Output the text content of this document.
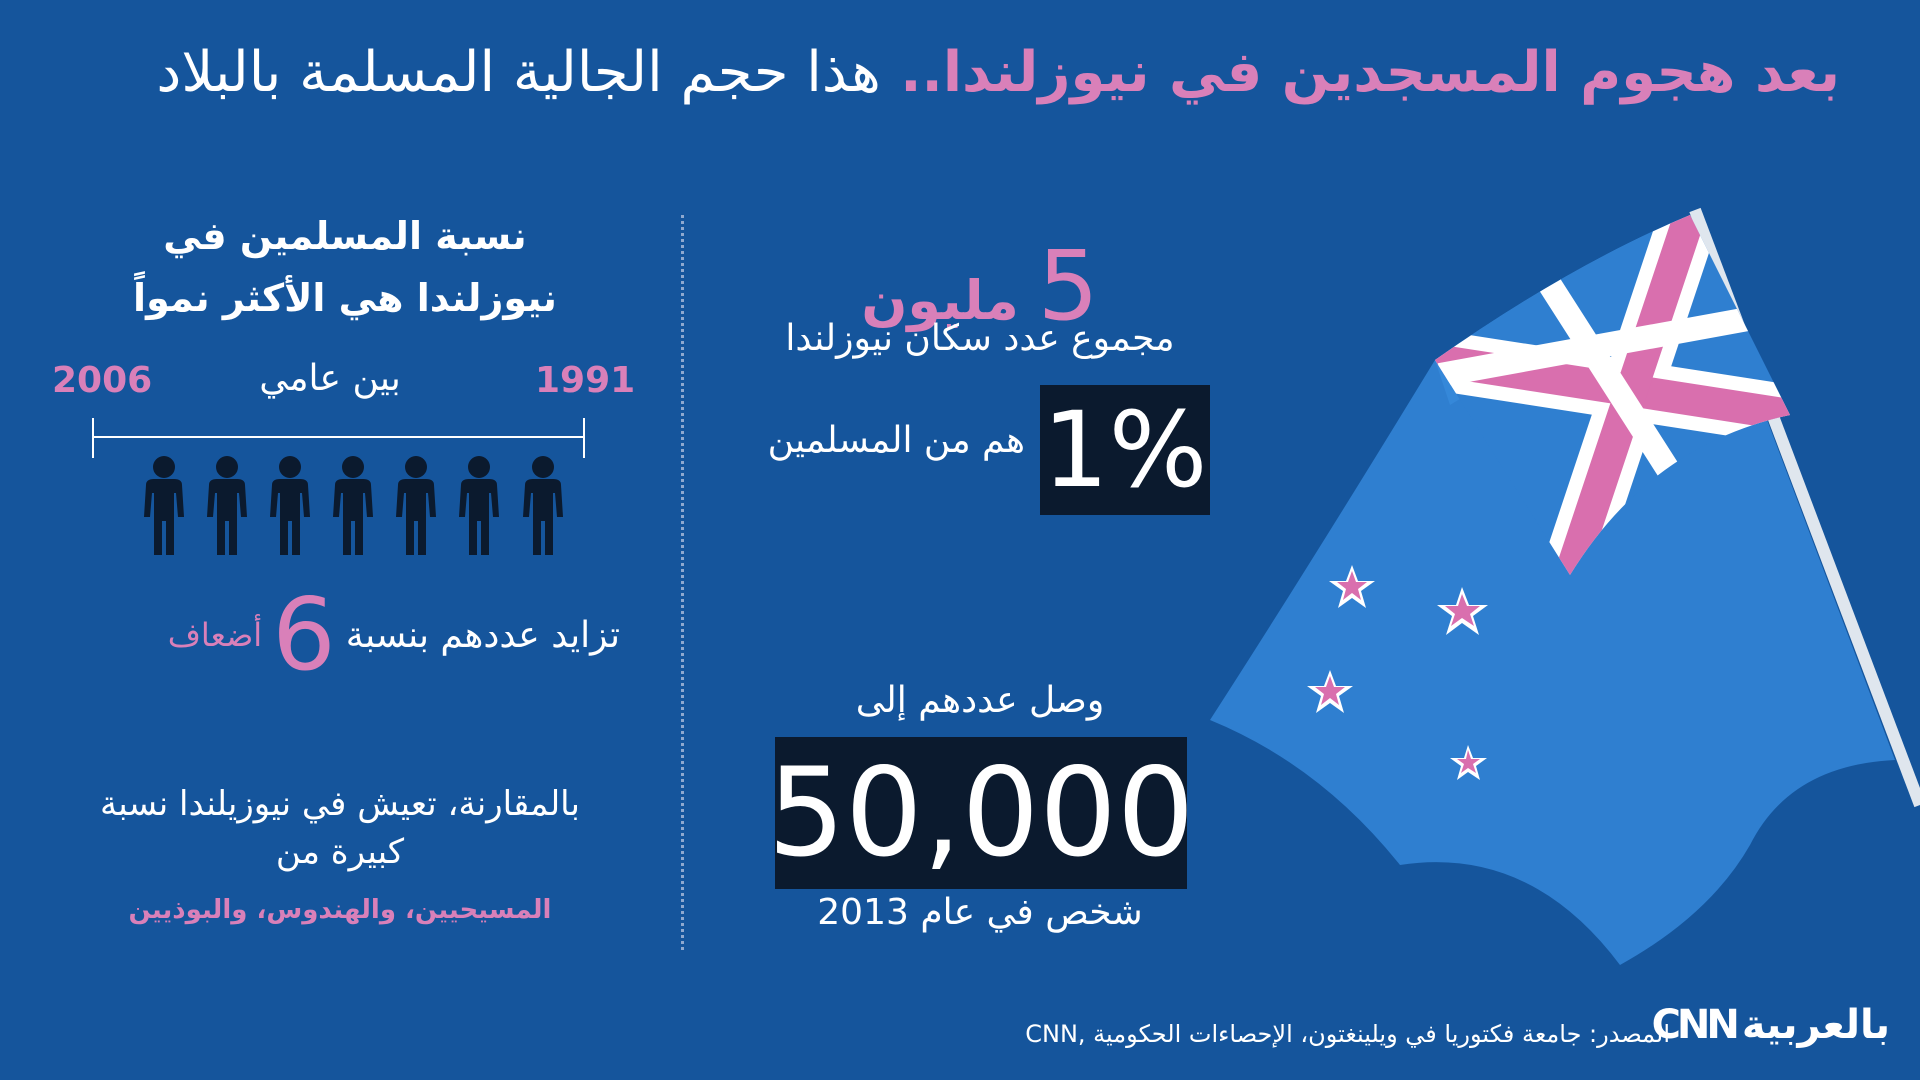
بعد هجوم المسجدين في نيوزلندا.. هذا حجم الجالية المسلمة بالبلاد
نسبة المسلمين في
نيوزلندا هي الأكثر نمواً
1991
2006	بين عامي

تزايد عددهم بنسبة
6
أضعاف
بالمقارنة، تعيش في نيوزيلندا نسبة
كبيرة من
المسيحيين، والهندوس، والبوذيين
5 مليون
مجموع عدد سكان نيوزلندا
1%
هم من المسلمين
وصل عددهم إلى
50,000
شخص في عام 2013
المصدر: جامعة فكتوريا في ويلينغتون، الإحصاءات الحكومية ,CNN
CNN بالعربية
